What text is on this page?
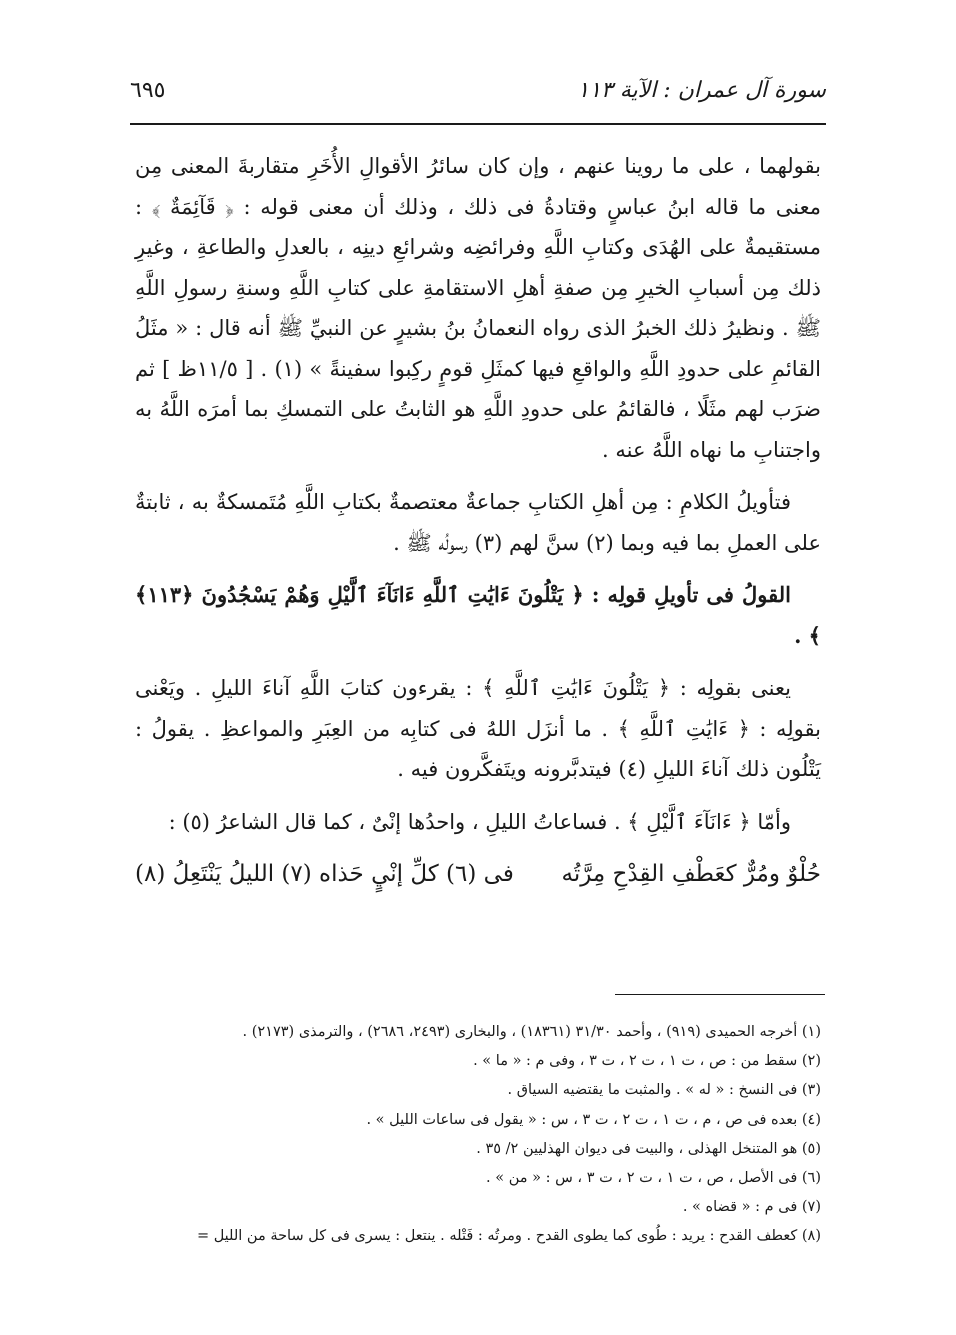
سورة آل عمران : الآية ١١٣
٦٩٥

بقولهما ، على ما روينا عنهم ، وإن كان سائرُ الأقوالِ الأُخَرِ متقاربةَ المعنى مِن معنى ما قاله ابنُ عباسٍ وقتادةُ فى ذلك ، وذلك أن معنى قوله : ﴿ قَآئِمَةٌ ﴾ : مستقيمةٌ على الهُدَى وكتابِ اللَّهِ وفرائضِه وشرائعِ دينِه ، بالعدلِ والطاعةِ ، وغيرِ ذلك مِن أسبابِ الخيرِ مِن صفةِ أهلِ الاستقامةِ على كتابِ اللَّهِ وسنةِ رسولِ اللَّهِ ﷺ . ونظيرُ ذلك الخبرُ الذى رواه النعمانُ بنُ بشيرٍ عن النبيِّ ﷺ أنه قال : « مثَلُ القائمِ على حدودِ اللَّهِ والواقعِ فيها كمثَلِ قومٍ ركِبوا سفينةً » (١) . [ ١١/٥ظ ] ثم ضرَب لهم مثَلًا ، فالقائمُ على حدودِ اللَّهِ هو الثابتُ على التمسكِ بما أمرَه اللَّهُ به واجتنابِ ما نهاه اللَّهُ عنه .

فتأويلُ الكلامِ : مِن أهلِ الكتابِ جماعةٌ معتصمةٌ بكتابِ اللَّهِ مُتَمسكةٌ به ، ثابتةٌ على العملِ بما فيه وبما (٢) سنَّ لهم (٣) رسولُه ﷺ .

القولُ فى تأويلِ قولِه : ﴿ يَتْلُونَ ءَايَٰتِ ٱللَّهِ ءَانَآءَ ٱلَّيْلِ وَهُمْ يَسْجُدُونَ ﴿١١٣﴾ ﴾ .

يعنى بقولِه : ﴿ يَتْلُونَ ءَايَٰتِ ٱللَّهِ ﴾ : يقرءون كتابَ اللَّهِ آناءَ الليلِ . ويَعْنى بقولِه : ﴿ ءَايَٰتِ ٱللَّهِ ﴾ . ما أنزَل اللهُ فى كتابِه من العِبَرِ والمواعظِ . يقولُ : يَتْلُون ذلك آناءَ الليلِ (٤) فيتدبَّرونه ويتَفكَّرون فيه .

وأمّا ﴿ ءَانَآءَ ٱلَّيْلِ ﴾ . فساعاتُ الليلِ ، واحدُها إنْىٌ ، كما قال الشاعرُ (٥) :

حُلْوٌ ومُرٌّ كعَطْفِ القِدْحِ مِرَّتُه
فى (٦) كلِّ إنْيٍ حَذاه (٧) الليلُ يَنْتَعِلُ (٨)
(١) أخرجه الحميدى (٩١٩) ، وأحمد ٣١/٣٠ (١٨٣٦١) ، والبخارى (٢٤٩٣، ٢٦٨٦) ، والترمذى (٢١٧٣) .
(٢) سقط من : ص ، ت ١ ، ت ٢ ، ت ٣ ، وفى م : « ما » .
(٣) فى النسخ : « له » . والمثبت ما يقتضيه السياق .
(٤) بعده فى ص ، م ، ت ١ ، ت ٢ ، ت ٣ ، س : « يقول فى ساعات الليل » .
(٥) هو المتنخل الهذلى ، والبيت فى ديوان الهذليين ٢/ ٣٥ .
(٦) فى الأصل ، ص ، ت ١ ، ت ٢ ، ت ٣ ، س : « من » .
(٧) فى م : « قضاه » .
(٨) كعطف القدح : يريد : طُوى كما يطوى القدح . ومرتُه : فَتْله . ينتعل : يسرى فى كل ساحة من الليل =
